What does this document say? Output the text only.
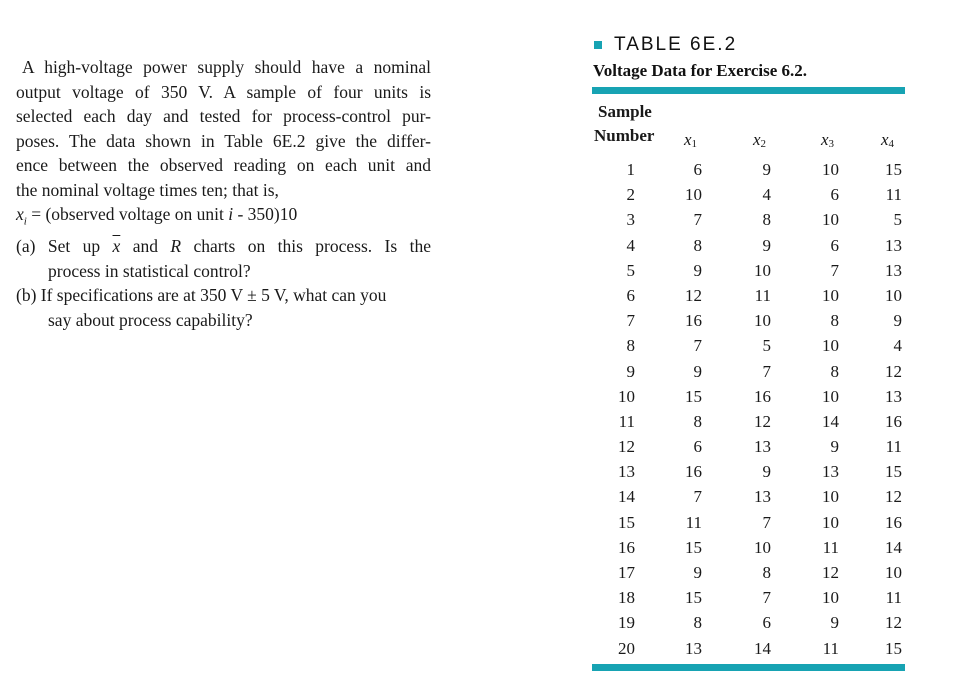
A high-voltage power supply should have a nominal
output voltage of 350 V. A sample of four units is
selected each day and tested for process-control pur-
poses. The data shown in Table 6E.2 give the differ-
ence between the observed reading on each unit and
the nominal voltage times ten; that is,
$x_i$ = (observed voltage on unit i - 350)10
(a) Set up $\overline{x}$ and R charts on this process. Is the
process in statistical control?
(b) If specifications are at 350 V ± 5 V, what can you
say about process capability?
TABLE 6E.2
Voltage Data for Exercise 6.2.
Sample
Number $x_1$	$x_2$	$x_3$	$x_4$
1	6	9	10	15
2	10	4	6	11
3	7	8	10	5
4	8	9	6	13
5	9	10	7	13
6	12	11	10	10
7	16	10	8	9
8	7	5	10	4
9	9	7	8	12
10	15	16	10	13
11	8	12	14	16
12	6	13	9	11
13	16	9	13	15
14	7	13	10	12
15	11	7	10	16
16	15	10	11	14
17	9	8	12	10
18	15	7	10	11
19	8	6	9	12
20	13	14	11	15
